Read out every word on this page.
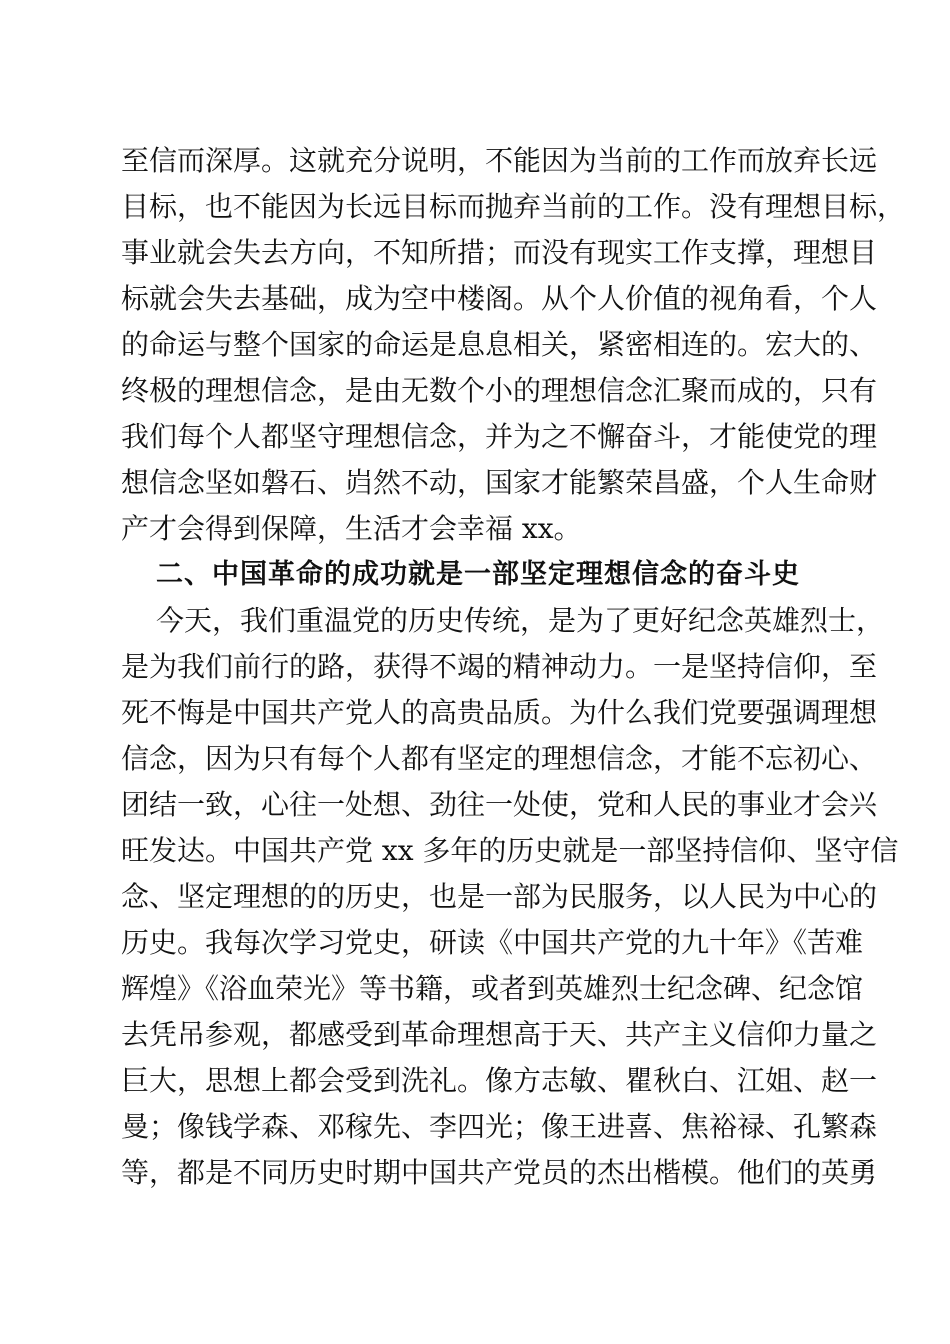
至信而深厚。这就充分说明，不能因为当前的工作而放弃长远
目标，也不能因为长远目标而抛弃当前的工作。没有理想目标，
事业就会失去方向，不知所措；而没有现实工作支撑，理想目
标就会失去基础，成为空中楼阁。从个人价值的视角看，个人
的命运与整个国家的命运是息息相关，紧密相连的。宏大的、
终极的理想信念，是由无数个小的理想信念汇聚而成的，只有
我们每个人都坚守理想信念，并为之不懈奋斗，才能使党的理
想信念坚如磐石、岿然不动，国家才能繁荣昌盛，个人生命财
产才会得到保障，生活才会幸福 xx。
二、中国革命的成功就是一部坚定理想信念的奋斗史
今天，我们重温党的历史传统，是为了更好纪念英雄烈士，
是为我们前行的路，获得不竭的精神动力。一是坚持信仰，至
死不悔是中国共产党人的高贵品质。为什么我们党要强调理想
信念，因为只有每个人都有坚定的理想信念，才能不忘初心、
团结一致，心往一处想、劲往一处使，党和人民的事业才会兴
旺发达。中国共产党 xx 多年的历史就是一部坚持信仰、坚守信
念、坚定理想的的历史，也是一部为民服务，以人民为中心的
历史。我每次学习党史，研读《中国共产党的九十年》《苦难
辉煌》《浴血荣光》等书籍，或者到英雄烈士纪念碑、纪念馆
去凭吊参观，都感受到革命理想高于天、共产主义信仰力量之
巨大，思想上都会受到洗礼。像方志敏、瞿秋白、江姐、赵一
曼；像钱学森、邓稼先、李四光；像王进喜、焦裕禄、孔繁森
等，都是不同历史时期中国共产党员的杰出楷模。他们的英勇
